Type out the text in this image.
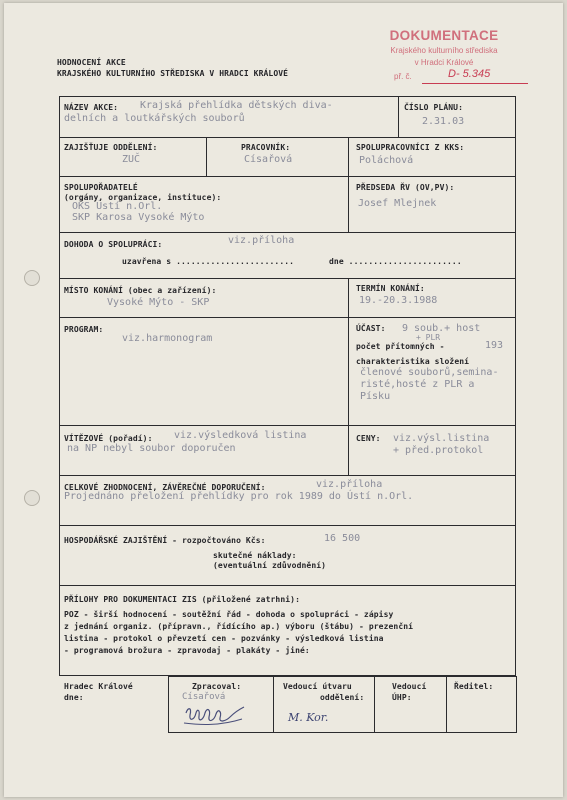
DOKUMENTACE
Krajského kulturního střediska
v Hradci Králové
př. č.	D- 5.345
HODNOCENÍ AKCE
KRAJSKÉHO KULTURNÍHO STŘEDISKA V HRADCI KRÁLOVÉ
NÁZEV AKCE: Krajská přehlídka dětských diva-
delních a loutkářských souborů
ČÍSLO PLÁNU:
2.31.03
ZAJIŠŤUJE ODDĚLENÍ:
ZUČ
PRACOVNÍK:
Císařová
SPOLUPRACOVNÍCI Z KKS:
Poláchová
SPOLUPOŘADATELÉ
(orgány, organizace, instituce):
OKS Ústí n.Orl.
SKP Karosa Vysoké Mýto
PŘEDSEDA ŘV (OV,PV):
Josef Mlejnek
DOHODA O SPOLUPRÁCI:	viz.příloha
uzavřena s ........................	dne .......................
MÍSTO KONÁNÍ (obec a zařízení):
Vysoké Mýto - SKP
TERMÍN KONÁNÍ:
19.-20.3.1988
PROGRAM:
viz.harmonogram
ÚČAST: 9 soub.+ host
+ PLR
počet přítomných -	193
charakteristika složení
členové souborů,semina-
risté,hosté z PLR a
Písku
VÍTĚZOVÉ (pořadí): viz.výsledková listina
na NP nebyl soubor doporučen
CENY: viz.výsl.listina
+ před.protokol
CELKOVÉ ZHODNOCENÍ, ZÁVĚREČNÉ DOPORUČENÍ:	viz.příloha
Projednáno přeložení přehlídky pro rok 1989 do Ústí n.Orl.
HOSPODÁŘSKÉ ZAJIŠTĚNÍ - rozpočtováno Kčs:	16 500
skutečné náklady:
(eventuální zdůvodnění)
PŘÍLOHY PRO DOKUMENTACI ZIS (přiložené zatrhni):
POZ - širší hodnocení - soutěžní řád - dohoda o spolupráci - zápisy
z jednání organiz. (přípravn., řídícího ap.) výboru (štábu) - prezenční
listina - protokol o převzetí cen - pozvánky - výsledková listina
- programová brožura - zpravodaj - plakáty - jiné:
Hradec Králové
dne:
Zpracoval:
Císařová
Vedoucí útvaru
oddělení:
M. Kor.
Vedoucí
ÚHP:
Ředitel:
